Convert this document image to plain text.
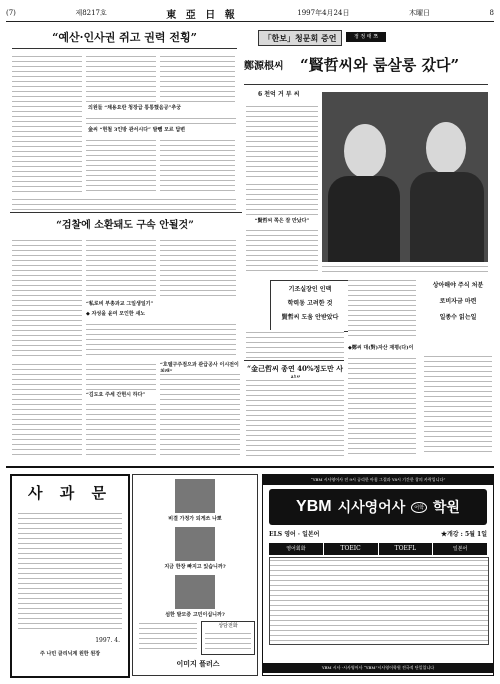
(7)	제8217호	東 亞 日 報	1997年4月24日	木曜日	8
“예산·인사권 쥐고 권력 전횡”
의원들 “채용요란 청장급 통통했음공”추궁
金씨 “현철 3인방 관서시다” 발뺌 모르 답변
「한보」청문회 증언	정 정 태 쯔
鄭源根씨	“賢哲씨와 룸살롱 갔다”
6 천억 거 부 씨
“賢哲씨 쪽은 잘 만났다”
기조실장인 인맥
학력동 고려한 것
賢哲씨 도움 안받았다
상아해야 주식 처분
로비자금 마련
일종수 읽는일
◆鄭씨 대(對)자산 재평(다)이
“검찰에 소환돼도 구속 안될것”
“私로비 부총과교 그일생일기”
◆ 자성을 윤여 모인한 새노
“金己哲씨 종연 40%정도만 사
“김도요 주세 간현시 하다”
“호텔구주점으과 관급공사 이시전이
사 과 문
1997. 4.
주 나민 클리닉계 원한 원장
비결 가정가 되게쓰 나뽀
지금 한장 빠지고 있습니까?
섬한 발모증 고민이십니까?
상담전화
이미지 플러스
“YBM 시사영어사 전 9시 공리한 아침 그결과 Y8시 기간한 창의 카락입니다”
YBM 시사영어사	어학 학원
ELS 영어 · 일본어	★개강 : 5월 1일
영어회화	TOEIC	TOEFL	일본어
YBM 시사 -시사영어사 “YBM”시사영어학원 전국적 단일입니다
